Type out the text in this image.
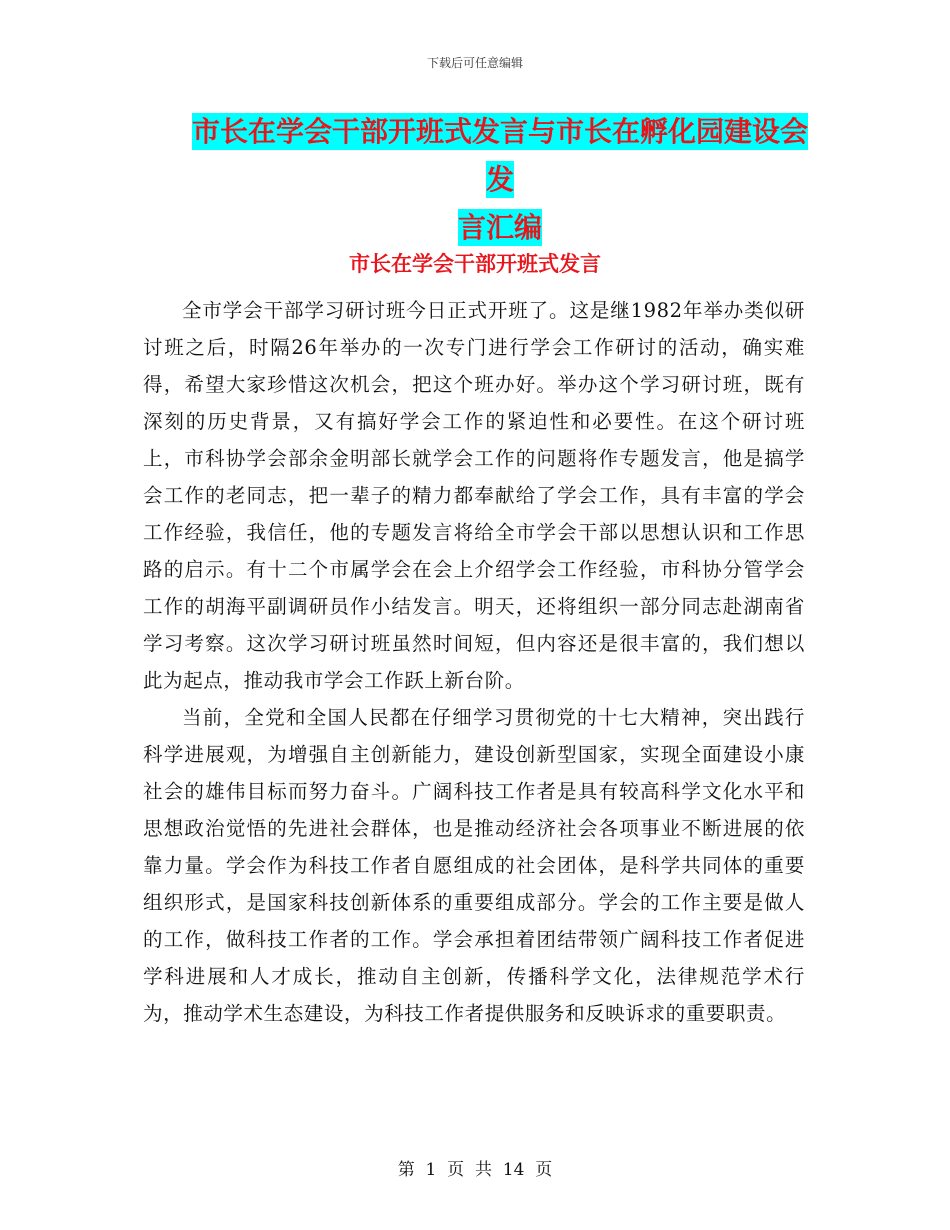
下载后可任意编辑
市长在学会干部开班式发言与市长在孵化园建设会发
言汇编
市长在学会干部开班式发言

全市学会干部学习研讨班今日正式开班了。这是继1982年举办类似研讨班之后，时隔26年举办的一次专门进行学会工作研讨的活动，确实难得，希望大家珍惜这次机会，把这个班办好。举办这个学习研讨班，既有深刻的历史背景，又有搞好学会工作的紧迫性和必要性。在这个研讨班上，市科协学会部余金明部长就学会工作的问题将作专题发言，他是搞学会工作的老同志，把一辈子的精力都奉献给了学会工作，具有丰富的学会工作经验，我信任，他的专题发言将给全市学会干部以思想认识和工作思路的启示。有十二个市属学会在会上介绍学会工作经验，市科协分管学会工作的胡海平副调研员作小结发言。明天，还将组织一部分同志赴湖南省学习考察。这次学习研讨班虽然时间短，但内容还是很丰富的，我们想以此为起点，推动我市学会工作跃上新台阶。

当前，全党和全国人民都在仔细学习贯彻党的十七大精神，突出践行科学进展观，为增强自主创新能力，建设创新型国家，实现全面建设小康社会的雄伟目标而努力奋斗。广阔科技工作者是具有较高科学文化水平和思想政治觉悟的先进社会群体，也是推动经济社会各项事业不断进展的依靠力量。学会作为科技工作者自愿组成的社会团体，是科学共同体的重要组织形式，是国家科技创新体系的重要组成部分。学会的工作主要是做人的工作，做科技工作者的工作。学会承担着团结带领广阔科技工作者促进学科进展和人才成长，推动自主创新，传播科学文化，法律规范学术行为，推动学术生态建设，为科技工作者提供服务和反映诉求的重要职责。

第  1  页  共  14  页
